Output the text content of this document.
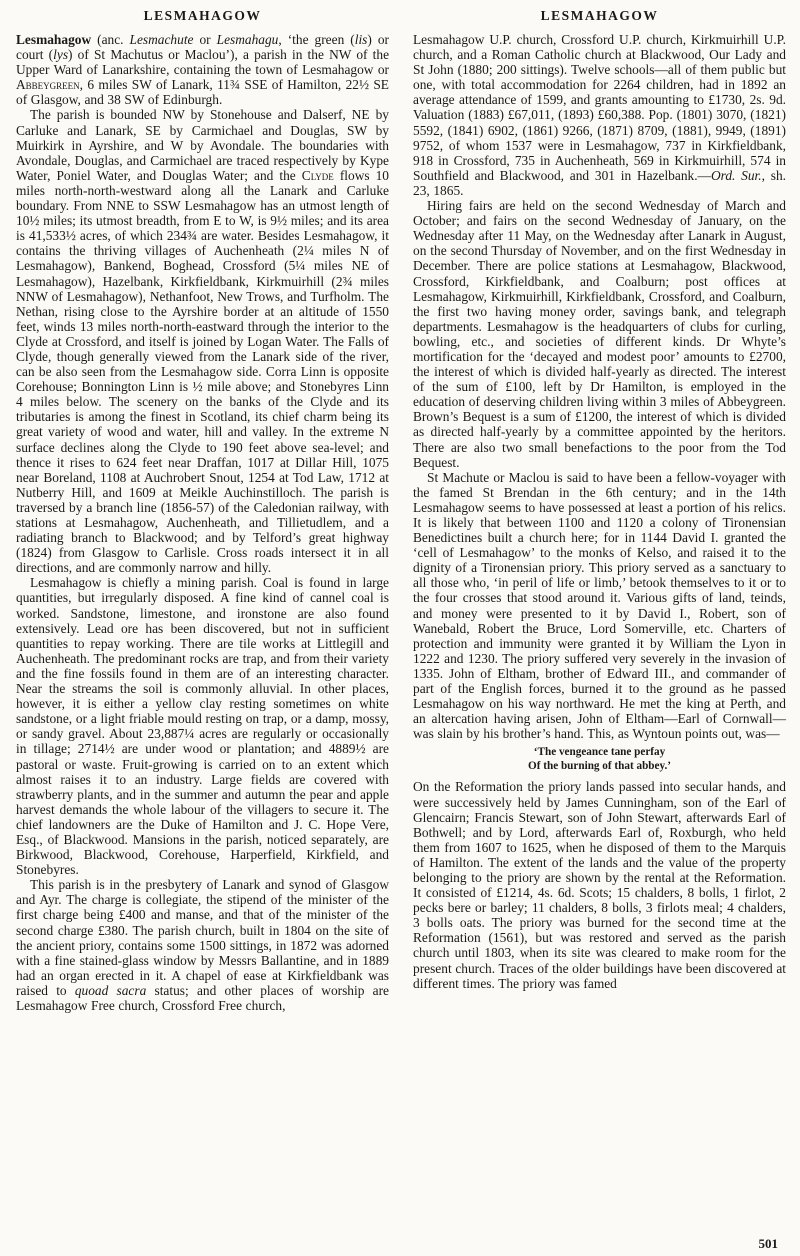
LESMAHAGOW

Lesmahagow (anc. Lesmachute or Lesmahagu, ‘the green (lis) or court (lys) of St Machutus or Maclou’), a parish in the NW of the Upper Ward of Lanarkshire, containing the town of Lesmahagow or Abbeygreen, 6 miles SW of Lanark, 11¾ SSE of Hamilton, 22½ SE of Glasgow, and 38 SW of Edinburgh.

The parish is bounded NW by Stonehouse and Dalserf, NE by Carluke and Lanark, SE by Carmichael and Douglas, SW by Muirkirk in Ayrshire, and W by Avondale. The boundaries with Avondale, Douglas, and Carmichael are traced respectively by Kype Water, Poniel Water, and Douglas Water; and the Clyde flows 10 miles north-north-westward along all the Lanark and Carluke boundary. From NNE to SSW Lesmahagow has an utmost length of 10½ miles; its utmost breadth, from E to W, is 9½ miles; and its area is 41,533½ acres, of which 234¾ are water. Besides Lesmahagow, it contains the thriving villages of Auchenheath (2¼ miles N of Lesmahagow), Bankend, Boghead, Crossford (5¼ miles NE of Lesmahagow), Hazelbank, Kirkfieldbank, Kirkmuirhill (2¾ miles NNW of Lesmahagow), Nethanfoot, New Trows, and Turfholm. The Nethan, rising close to the Ayrshire border at an altitude of 1550 feet, winds 13 miles north-north-eastward through the interior to the Clyde at Crossford, and itself is joined by Logan Water. The Falls of Clyde, though generally viewed from the Lanark side of the river, can be also seen from the Lesmahagow side. Corra Linn is opposite Corehouse; Bonnington Linn is ½ mile above; and Stonebyres Linn 4 miles below. The scenery on the banks of the Clyde and its tributaries is among the finest in Scotland, its chief charm being its great variety of wood and water, hill and valley. In the extreme N surface declines along the Clyde to 190 feet above sea-level; and thence it rises to 624 feet near Draffan, 1017 at Dillar Hill, 1075 near Boreland, 1108 at Auchrobert Snout, 1254 at Tod Law, 1712 at Nutberry Hill, and 1609 at Meikle Auchinstilloch. The parish is traversed by a branch line (1856-57) of the Caledonian railway, with stations at Lesmahagow, Auchenheath, and Tillietudlem, and a radiating branch to Blackwood; and by Telford’s great highway (1824) from Glasgow to Carlisle. Cross roads intersect it in all directions, and are commonly narrow and hilly.

Lesmahagow is chiefly a mining parish. Coal is found in large quantities, but irregularly disposed. A fine kind of cannel coal is worked. Sandstone, limestone, and ironstone are also found extensively. Lead ore has been discovered, but not in sufficient quantities to repay working. There are tile works at Littlegill and Auchenheath. The predominant rocks are trap, and from their variety and the fine fossils found in them are of an interesting character. Near the streams the soil is commonly alluvial. In other places, however, it is either a yellow clay resting sometimes on white sandstone, or a light friable mould resting on trap, or a damp, mossy, or sandy gravel. About 23,887¼ acres are regularly or occasionally in tillage; 2714½ are under wood or plantation; and 4889½ are pastoral or waste. Fruit-growing is carried on to an extent which almost raises it to an industry. Large fields are covered with strawberry plants, and in the summer and autumn the pear and apple harvest demands the whole labour of the villagers to secure it. The chief landowners are the Duke of Hamilton and J. C. Hope Vere, Esq., of Blackwood. Mansions in the parish, noticed separately, are Birkwood, Blackwood, Corehouse, Harperfield, Kirkfield, and Stonebyres.

This parish is in the presbytery of Lanark and synod of Glasgow and Ayr. The charge is collegiate, the stipend of the minister of the first charge being £400 and manse, and that of the minister of the second charge £380. The parish church, built in 1804 on the site of the ancient priory, contains some 1500 sittings, in 1872 was adorned with a fine stained-glass window by Messrs Ballantine, and in 1889 had an organ erected in it. A chapel of ease at Kirkfieldbank was raised to quoad sacra status; and other places of worship are Lesmahagow Free church, Crossford Free church,

LESMAHAGOW

Lesmahagow U.P. church, Crossford U.P. church, Kirkmuirhill U.P. church, and a Roman Catholic church at Blackwood, Our Lady and St John (1880; 200 sittings). Twelve schools—all of them public but one, with total accommodation for 2264 children, had in 1892 an average attendance of 1599, and grants amounting to £1730, 2s. 9d. Valuation (1883) £67,011, (1893) £60,388. Pop. (1801) 3070, (1821) 5592, (1841) 6902, (1861) 9266, (1871) 8709, (1881), 9949, (1891) 9752, of whom 1537 were in Lesmahagow, 737 in Kirkfieldbank, 918 in Crossford, 735 in Auchenheath, 569 in Kirkmuirhill, 574 in Southfield and Blackwood, and 301 in Hazelbank.—Ord. Sur., sh. 23, 1865.

Hiring fairs are held on the second Wednesday of March and October; and fairs on the second Wednesday of January, on the Wednesday after 11 May, on the Wednesday after Lanark in August, on the second Thursday of November, and on the first Wednesday in December. There are police stations at Lesmahagow, Blackwood, Crossford, Kirkfieldbank, and Coalburn; post offices at Lesmahagow, Kirkmuirhill, Kirkfieldbank, Crossford, and Coalburn, the first two having money order, savings bank, and telegraph departments. Lesmahagow is the headquarters of clubs for curling, bowling, etc., and societies of different kinds. Dr Whyte’s mortification for the ‘decayed and modest poor’ amounts to £2700, the interest of which is divided half-yearly as directed. The interest of the sum of £100, left by Dr Hamilton, is employed in the education of deserving children living within 3 miles of Abbeygreen. Brown’s Bequest is a sum of £1200, the interest of which is divided as directed half-yearly by a committee appointed by the heritors. There are also two small benefactions to the poor from the Tod Bequest.

St Machute or Maclou is said to have been a fellow-voyager with the famed St Brendan in the 6th century; and in the 14th Lesmahagow seems to have possessed at least a portion of his relics. It is likely that between 1100 and 1120 a colony of Tironensian Benedictines built a church here; for in 1144 David I. granted the ‘cell of Lesmahagow’ to the monks of Kelso, and raised it to the dignity of a Tironensian priory. This priory served as a sanctuary to all those who, ‘in peril of life or limb,’ betook themselves to it or to the four crosses that stood around it. Various gifts of land, teinds, and money were presented to it by David I., Robert, son of Wanebald, Robert the Bruce, Lord Somerville, etc. Charters of protection and immunity were granted it by William the Lyon in 1222 and 1230. The priory suffered very severely in the invasion of 1335. John of Eltham, brother of Edward III., and commander of part of the English forces, burned it to the ground as he passed Lesmahagow on his way northward. He met the king at Perth, and an altercation having arisen, John of Eltham—Earl of Cornwall—was slain by his brother’s hand. This, as Wyntoun points out, was—

‘The vengeance tane perfay
Of the burning of that abbey.’

On the Reformation the priory lands passed into secular hands, and were successively held by James Cunningham, son of the Earl of Glencairn; Francis Stewart, son of John Stewart, afterwards Earl of Bothwell; and by Lord, afterwards Earl of, Roxburgh, who held them from 1607 to 1625, when he disposed of them to the Marquis of Hamilton. The extent of the lands and the value of the property belonging to the priory are shown by the rental at the Reformation. It consisted of £1214, 4s. 6d. Scots; 15 chalders, 8 bolls, 1 firlot, 2 pecks bere or barley; 11 chalders, 8 bolls, 3 firlots meal; 4 chalders, 3 bolls oats. The priory was burned for the second time at the Reformation (1561), but was restored and served as the parish church until 1803, when its site was cleared to make room for the present church. Traces of the older buildings have been discovered at different times. The priory was famed

501
